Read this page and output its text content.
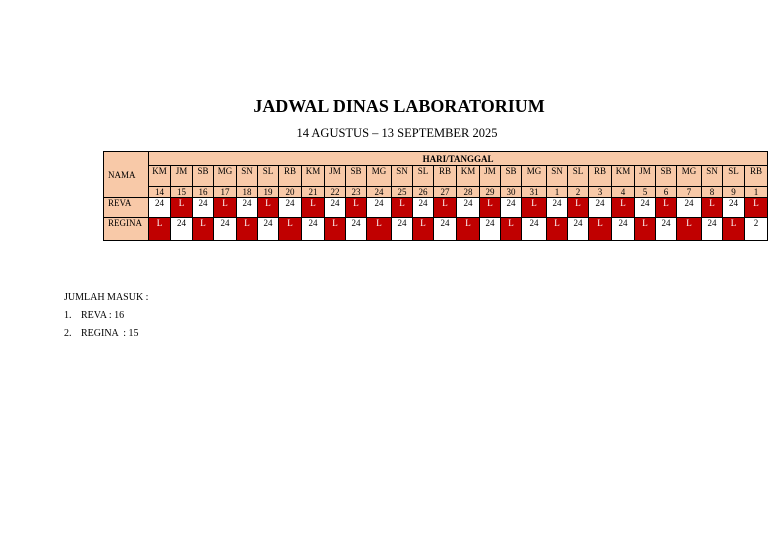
JADWAL DINAS LABORATORIUM
14 AGUSTUS – 13 SEPTEMBER 2025
NAMA	HARI/TANGGAL																											
	KM	JM	SB	MG	SN	SL	RB	KM	JM	SB	MG	SN	SL	RB	KM	JM	SB	MG	SN	SL	RB	KM	JM	SB	MG	SN	SL	RB
	14	15	16	17	18	19	20	21	22	23	24	25	26	27	28	29	30	31	1	2	3	4	5	6	7	8	9	1
REVA	24	L	24	L	24	L	24	L	24	L	24	L	24	L	24	L	24	L	24	L	24	L	24	L	24	L	24	L
REGINA	L	24	L	24	L	24	L	24	L	24	L	24	L	24	L	24	L	24	L	24	L	24	L	24	L	24	L	2
JUMLAH MASUK :
1. REVA : 16
2. REGINA  : 15
